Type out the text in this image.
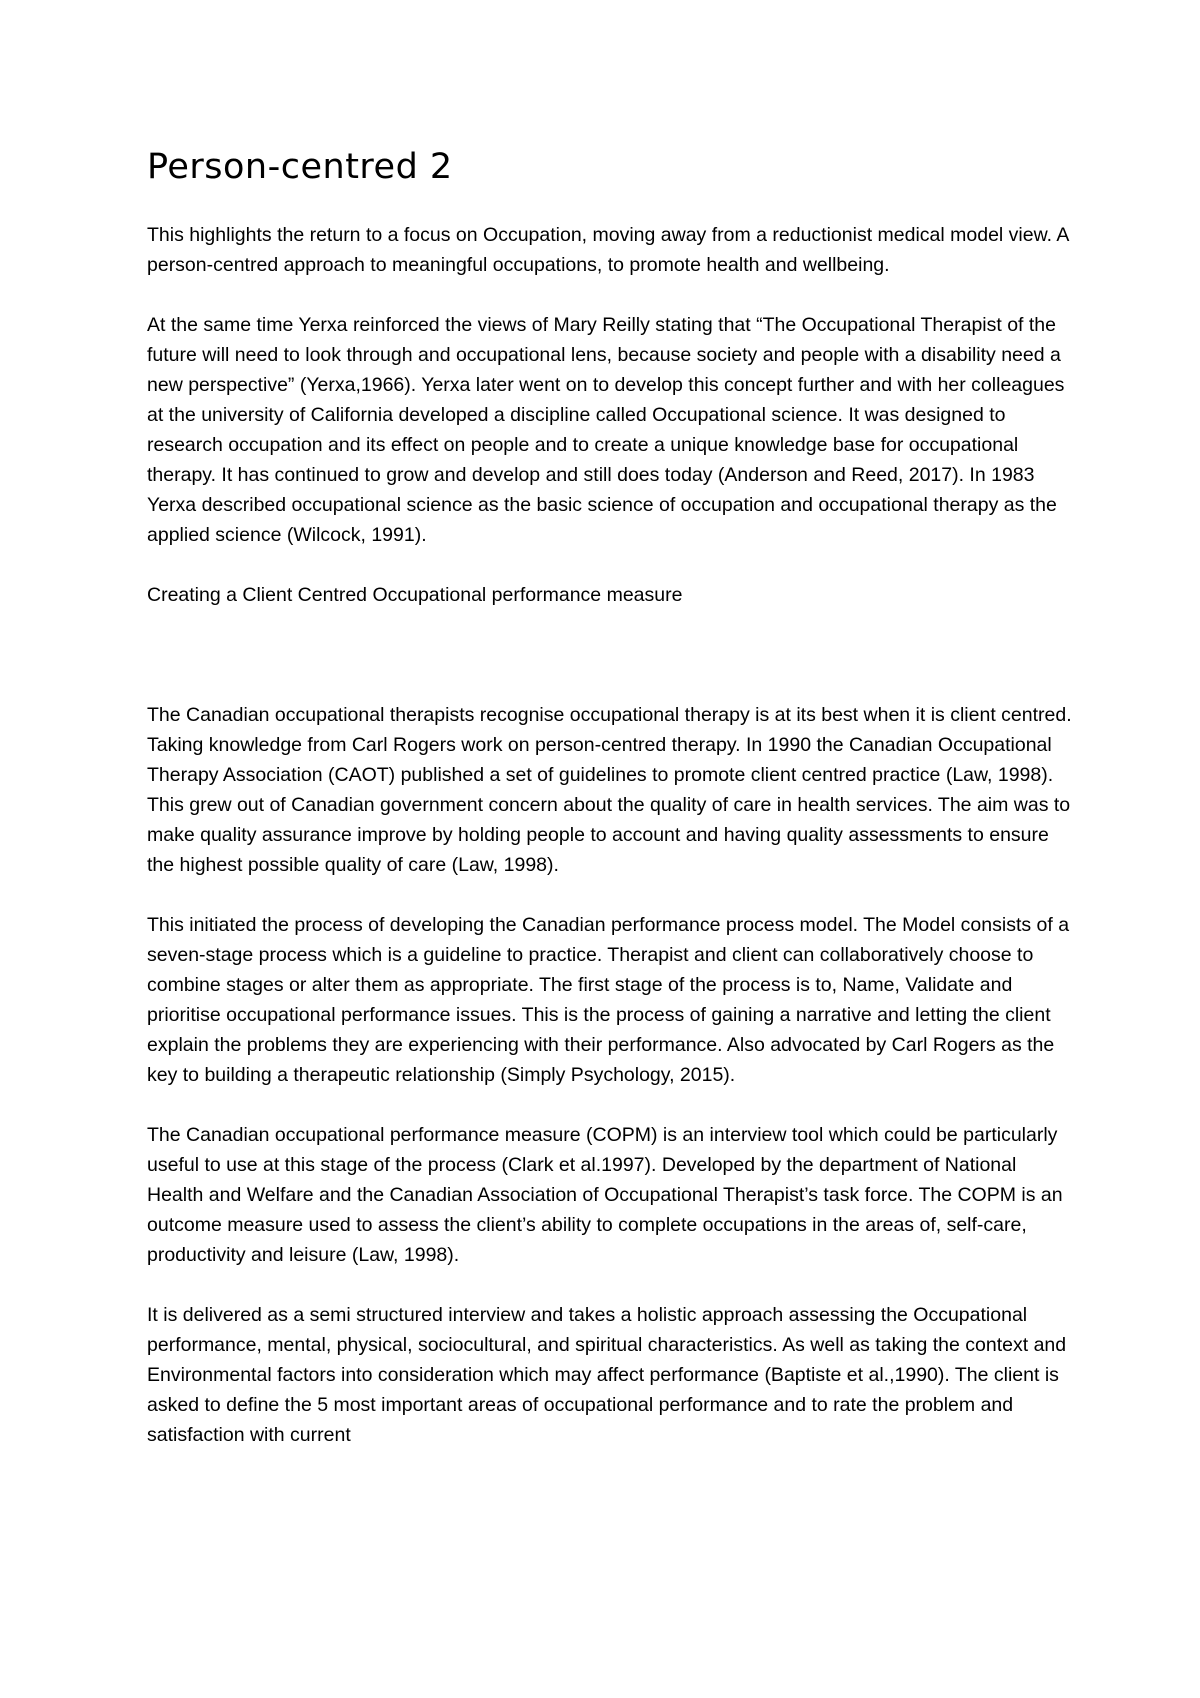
Person-centred 2

This highlights the return to a focus on Occupation, moving away from a reductionist medical model view. A person-centred approach to meaningful occupations, to promote health and wellbeing.

At the same time Yerxa reinforced the views of Mary Reilly stating that “The Occupational Therapist of the future will need to look through and occupational lens, because society and people with a disability need a new perspective” (Yerxa,1966). Yerxa later went on to develop this concept further and with her colleagues at the university of California developed a discipline called Occupational science. It was designed to research occupation and its effect on people and to create a unique knowledge base for occupational therapy. It has continued to grow and develop and still does today (Anderson and Reed, 2017). In 1983 Yerxa described occupational science as the basic science of occupation and occupational therapy as the applied science (Wilcock, 1991).

Creating a Client Centred Occupational performance measure

The Canadian occupational therapists recognise occupational therapy is at its best when it is client centred. Taking knowledge from Carl Rogers work on person-centred therapy. In 1990 the Canadian Occupational Therapy Association (CAOT) published a set of guidelines to promote client centred practice (Law, 1998). This grew out of Canadian government concern about the quality of care in health services. The aim was to make quality assurance improve by holding people to account and having quality assessments to ensure the highest possible quality of care (Law, 1998).

This initiated the process of developing the Canadian performance process model. The Model consists of a seven-stage process which is a guideline to practice. Therapist and client can collaboratively choose to combine stages or alter them as appropriate. The first stage of the process is to, Name, Validate and prioritise occupational performance issues. This is the process of gaining a narrative and letting the client explain the problems they are experiencing with their performance. Also advocated by Carl Rogers as the key to building a therapeutic relationship (Simply Psychology, 2015).

The Canadian occupational performance measure (COPM) is an interview tool which could be particularly useful to use at this stage of the process (Clark et al.1997). Developed by the department of National Health and Welfare and the Canadian Association of Occupational Therapist’s task force. The COPM is an outcome measure used to assess the client’s ability to complete occupations in the areas of, self-care, productivity and leisure (Law, 1998).

It is delivered as a semi structured interview and takes a holistic approach assessing the Occupational performance, mental, physical, sociocultural, and spiritual characteristics. As well as taking the context and Environmental factors into consideration which may affect performance (Baptiste et al.,1990). The client is asked to define the 5 most important areas of occupational performance and to rate the problem and satisfaction with current
